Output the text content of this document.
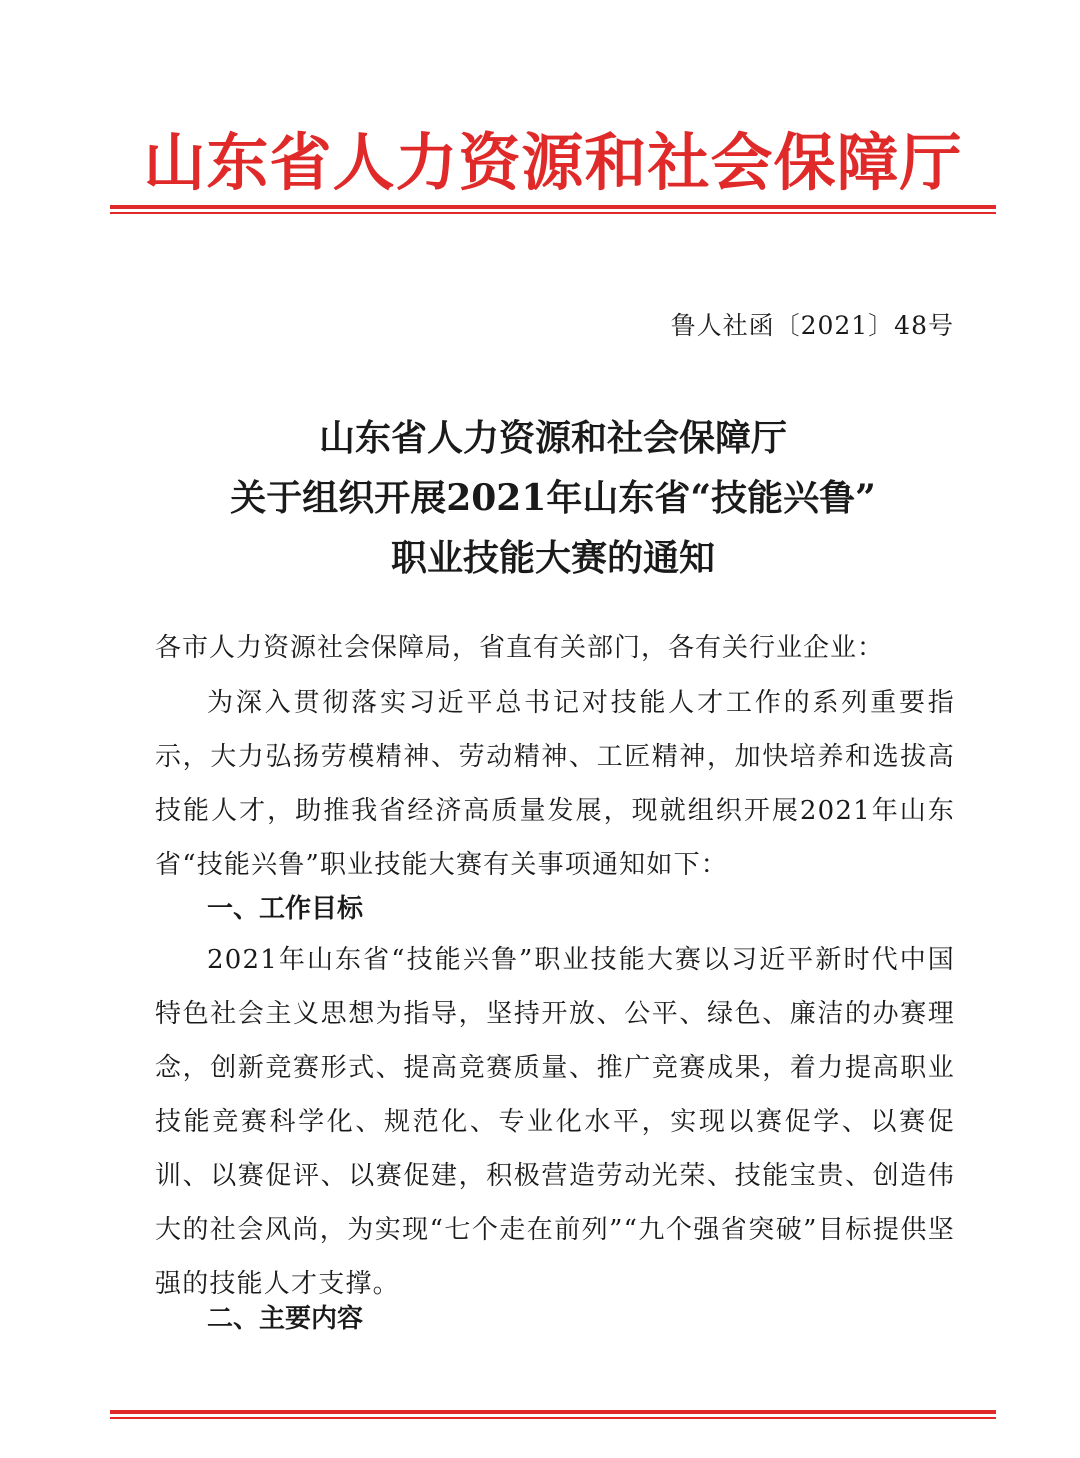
山东省人力资源和社会保障厅
鲁人社函〔2021〕48号
山东省人力资源和社会保障厅
关于组织开展2021年山东省“技能兴鲁”
职业技能大赛的通知
各市人力资源社会保障局，省直有关部门，各有关行业企业：
为深入贯彻落实习近平总书记对技能人才工作的系列重要指示，大力弘扬劳模精神、劳动精神、工匠精神，加快培养和选拔高技能人才，助推我省经济高质量发展，现就组织开展2021年山东省“技能兴鲁”职业技能大赛有关事项通知如下：
一、工作目标
2021年山东省“技能兴鲁”职业技能大赛以习近平新时代中国特色社会主义思想为指导，坚持开放、公平、绿色、廉洁的办赛理念，创新竞赛形式、提高竞赛质量、推广竞赛成果，着力提高职业技能竞赛科学化、规范化、专业化水平，实现以赛促学、以赛促训、以赛促评、以赛促建，积极营造劳动光荣、技能宝贵、创造伟大的社会风尚，为实现“七个走在前列”“九个强省突破”目标提供坚强的技能人才支撑。
二、主要内容
